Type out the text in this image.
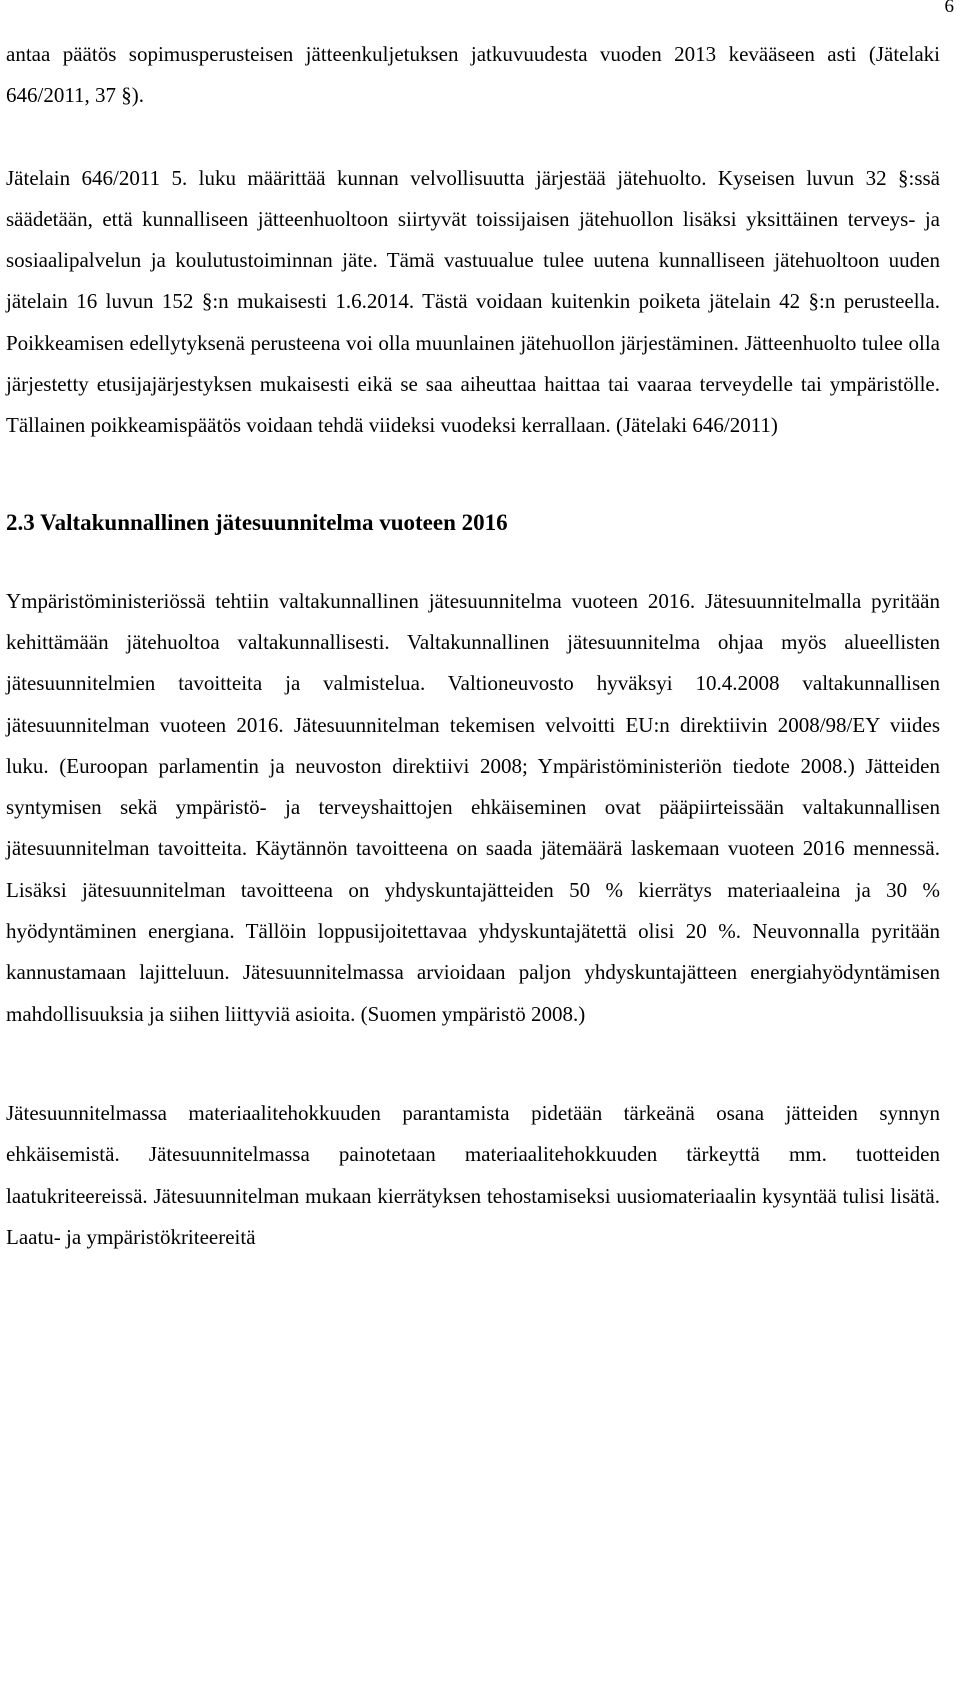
6

antaa päätös sopimusperusteisen jätteenkuljetuksen jatkuvuudesta vuoden 2013 kevääseen asti (Jätelaki 646/2011, 37 §).

Jätelain 646/2011 5. luku määrittää kunnan velvollisuutta järjestää jätehuolto. Kyseisen luvun 32 §:ssä säädetään, että kunnalliseen jätteenhuoltoon siirtyvät toissijaisen jätehuollon lisäksi yksittäinen terveys- ja sosiaalipalvelun ja koulutustoiminnan jäte. Tämä vastuualue tulee uutena kunnalliseen jätehuoltoon uuden jätelain 16 luvun 152 §:n mukaisesti 1.6.2014. Tästä voidaan kuitenkin poiketa jätelain 42 §:n perusteella. Poikkeamisen edellytyksenä perusteena voi olla muunlainen jätehuollon järjestäminen. Jätteenhuolto tulee olla järjestetty etusijajärjestyksen mukaisesti eikä se saa aiheuttaa haittaa tai vaaraa terveydelle tai ympäristölle. Tällainen poikkeamispäätös voidaan tehdä viideksi vuodeksi kerrallaan. (Jätelaki 646/2011)

2.3 Valtakunnallinen jätesuunnitelma vuoteen 2016

Ympäristöministeriössä tehtiin valtakunnallinen jätesuunnitelma vuoteen 2016. Jätesuunnitelmalla pyritään kehittämään jätehuoltoa valtakunnallisesti. Valtakunnallinen jätesuunnitelma ohjaa myös alueellisten jätesuunnitelmien tavoitteita ja valmistelua. Valtioneuvosto hyväksyi 10.4.2008 valtakunnallisen jätesuunnitelman vuoteen 2016. Jätesuunnitelman tekemisen velvoitti EU:n direktiivin 2008/98/EY viides luku. (Euroopan parlamentin ja neuvoston direktiivi 2008; Ympäristöministeriön tiedote 2008.) Jätteiden syntymisen sekä ympäristö- ja terveyshaittojen ehkäiseminen ovat pääpiirteissään valtakunnallisen jätesuunnitelman tavoitteita. Käytännön tavoitteena on saada jätemäärä laskemaan vuoteen 2016 mennessä. Lisäksi jätesuunnitelman tavoitteena on yhdyskuntajätteiden 50 % kierrätys materiaaleina ja 30 % hyödyntäminen energiana. Tällöin loppusijoitettavaa yhdyskuntajätettä olisi 20 %. Neuvonnalla pyritään kannustamaan lajitteluun. Jätesuunnitelmassa arvioidaan paljon yhdyskuntajätteen energiahyödyntämisen mahdollisuuksia ja siihen liittyviä asioita. (Suomen ympäristö 2008.)

Jätesuunnitelmassa materiaalitehokkuuden parantamista pidetään tärkeänä osana jätteiden synnyn ehkäisemistä. Jätesuunnitelmassa painotetaan materiaalitehokkuuden tärkeyttä mm. tuotteiden laatukriteereissä. Jätesuunnitelman mukaan kierrätyksen tehostamiseksi uusiomateriaalin kysyntää tulisi lisätä. Laatu- ja ympäristökriteereitä
